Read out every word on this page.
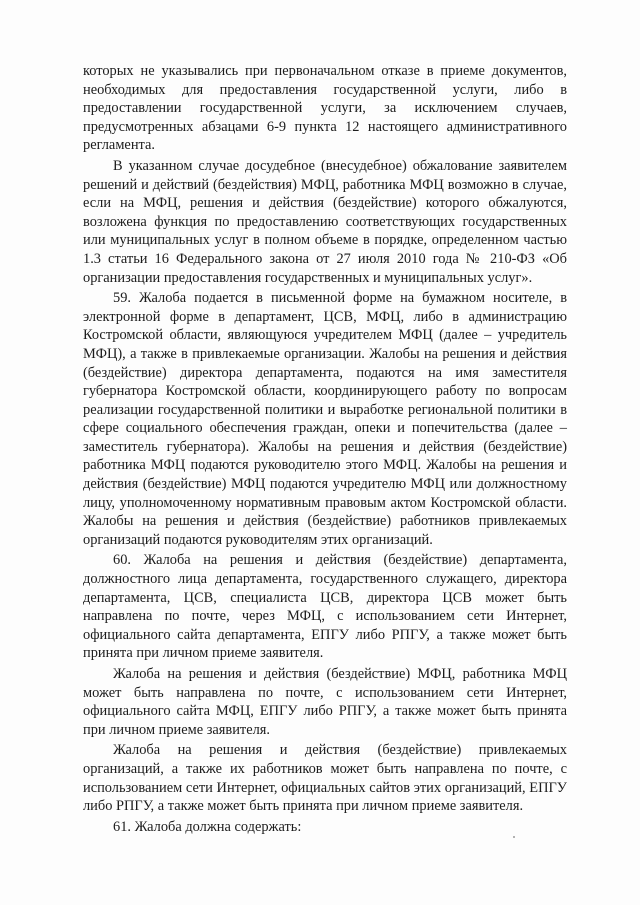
которых не указывались при первоначальном отказе в приеме документов, необходимых для предоставления государственной услуги, либо в предоставлении государственной услуги, за исключением случаев, предусмотренных абзацами 6-9 пункта 12 настоящего административного регламента.

В указанном случае досудебное (внесудебное) обжалование заявителем решений и действий (бездействия) МФЦ, работника МФЦ возможно в случае, если на МФЦ, решения и действия (бездействие) которого обжалуются, возложена функция по предоставлению соответствующих государственных или муниципальных услуг в полном объеме в порядке, определенном частью 1.3 статьи 16 Федерального закона от 27 июля 2010 года № 210-ФЗ «Об организации предоставления государственных и муниципальных услуг».

59. Жалоба подается в письменной форме на бумажном носителе, в электронной форме в департамент, ЦСВ, МФЦ, либо в администрацию Костромской области, являющуюся учредителем МФЦ (далее – учредитель МФЦ), а также в привлекаемые организации. Жалобы на решения и действия (бездействие) директора департамента, подаются на имя заместителя губернатора Костромской области, координирующего работу по вопросам реализации государственной политики и выработке региональной политики в сфере социального обеспечения граждан, опеки и попечительства (далее – заместитель губернатора). Жалобы на решения и действия (бездействие) работника МФЦ подаются руководителю этого МФЦ. Жалобы на решения и действия (бездействие) МФЦ подаются учредителю МФЦ или должностному лицу, уполномоченному нормативным правовым актом Костромской области. Жалобы на решения и действия (бездействие) работников привлекаемых организаций подаются руководителям этих организаций.

60. Жалоба на решения и действия (бездействие) департамента, должностного лица департамента, государственного служащего, директора департамента, ЦСВ, специалиста ЦСВ, директора ЦСВ может быть направлена по почте, через МФЦ, с использованием сети Интернет, официального сайта департамента, ЕПГУ либо РПГУ, а также может быть принята при личном приеме заявителя.

Жалоба на решения и действия (бездействие) МФЦ, работника МФЦ может быть направлена по почте, с использованием сети Интернет, официального сайта МФЦ, ЕПГУ либо РПГУ, а также может быть принята при личном приеме заявителя.

Жалоба на решения и действия (бездействие) привлекаемых организаций, а также их работников может быть направлена по почте, с использованием сети Интернет, официальных сайтов этих организаций, ЕПГУ либо РПГУ, а также может быть принята при личном приеме заявителя.

61. Жалоба должна содержать:
